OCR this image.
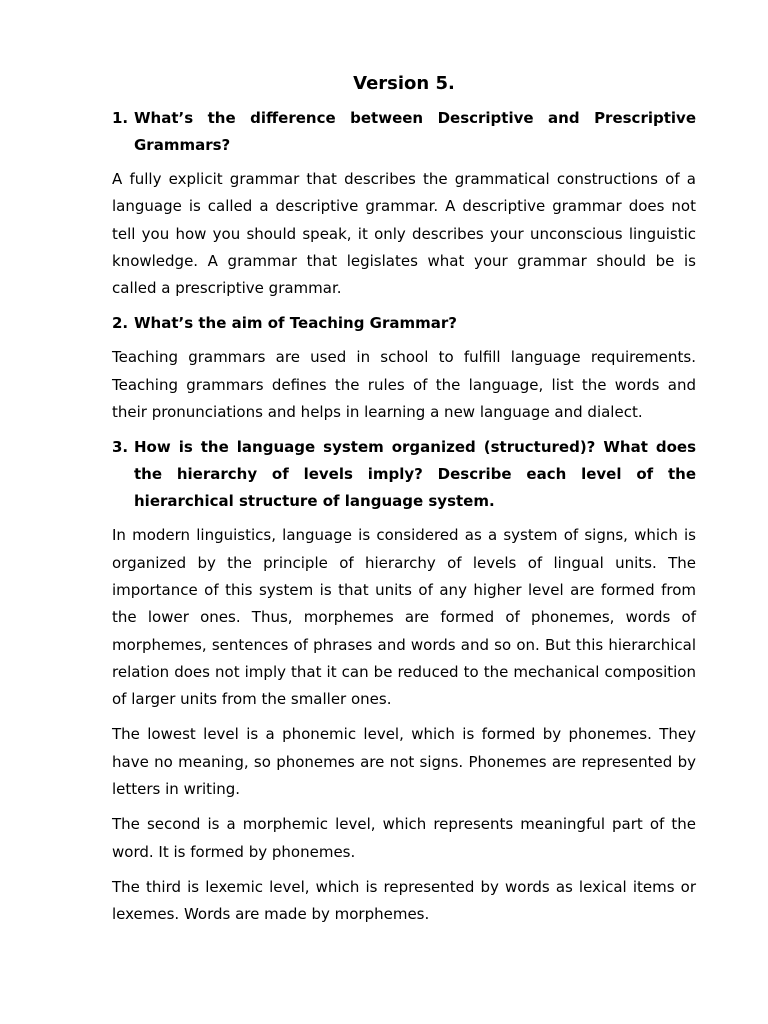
Version 5.
1. What’s the difference between Descriptive and Prescriptive Grammars?

A fully explicit grammar that describes the grammatical constructions of a language is called a descriptive grammar. A descriptive grammar does not tell you how you should speak, it only describes your unconscious linguistic knowledge. A grammar that legislates what your grammar should be is called a prescriptive grammar.

2. What’s the aim of Teaching Grammar?

Teaching grammars are used in school to fulfill language requirements. Teaching grammars defines the rules of the language, list the words and their pronunciations and helps in learning a new language and dialect.

3. How is the language system organized (structured)? What does the hierarchy of levels imply? Describe each level of the hierarchical structure of language system.

In modern linguistics, language is considered as a system of signs, which is organized by the principle of hierarchy of levels of lingual units. The importance of this system is that units of any higher level are formed from the lower ones. Thus, morphemes are formed of phonemes, words of morphemes, sentences of phrases and words and so on. But this hierarchical relation does not imply that it can be reduced to the mechanical composition of larger units from the smaller ones.

The lowest level is a phonemic level, which is formed by phonemes. They have no meaning, so phonemes are not signs. Phonemes are represented by letters in writing.

The second is a morphemic level, which represents meaningful part of the word. It is formed by phonemes.

The third is lexemic level, which is represented by words as lexical items or lexemes. Words are made by morphemes.
